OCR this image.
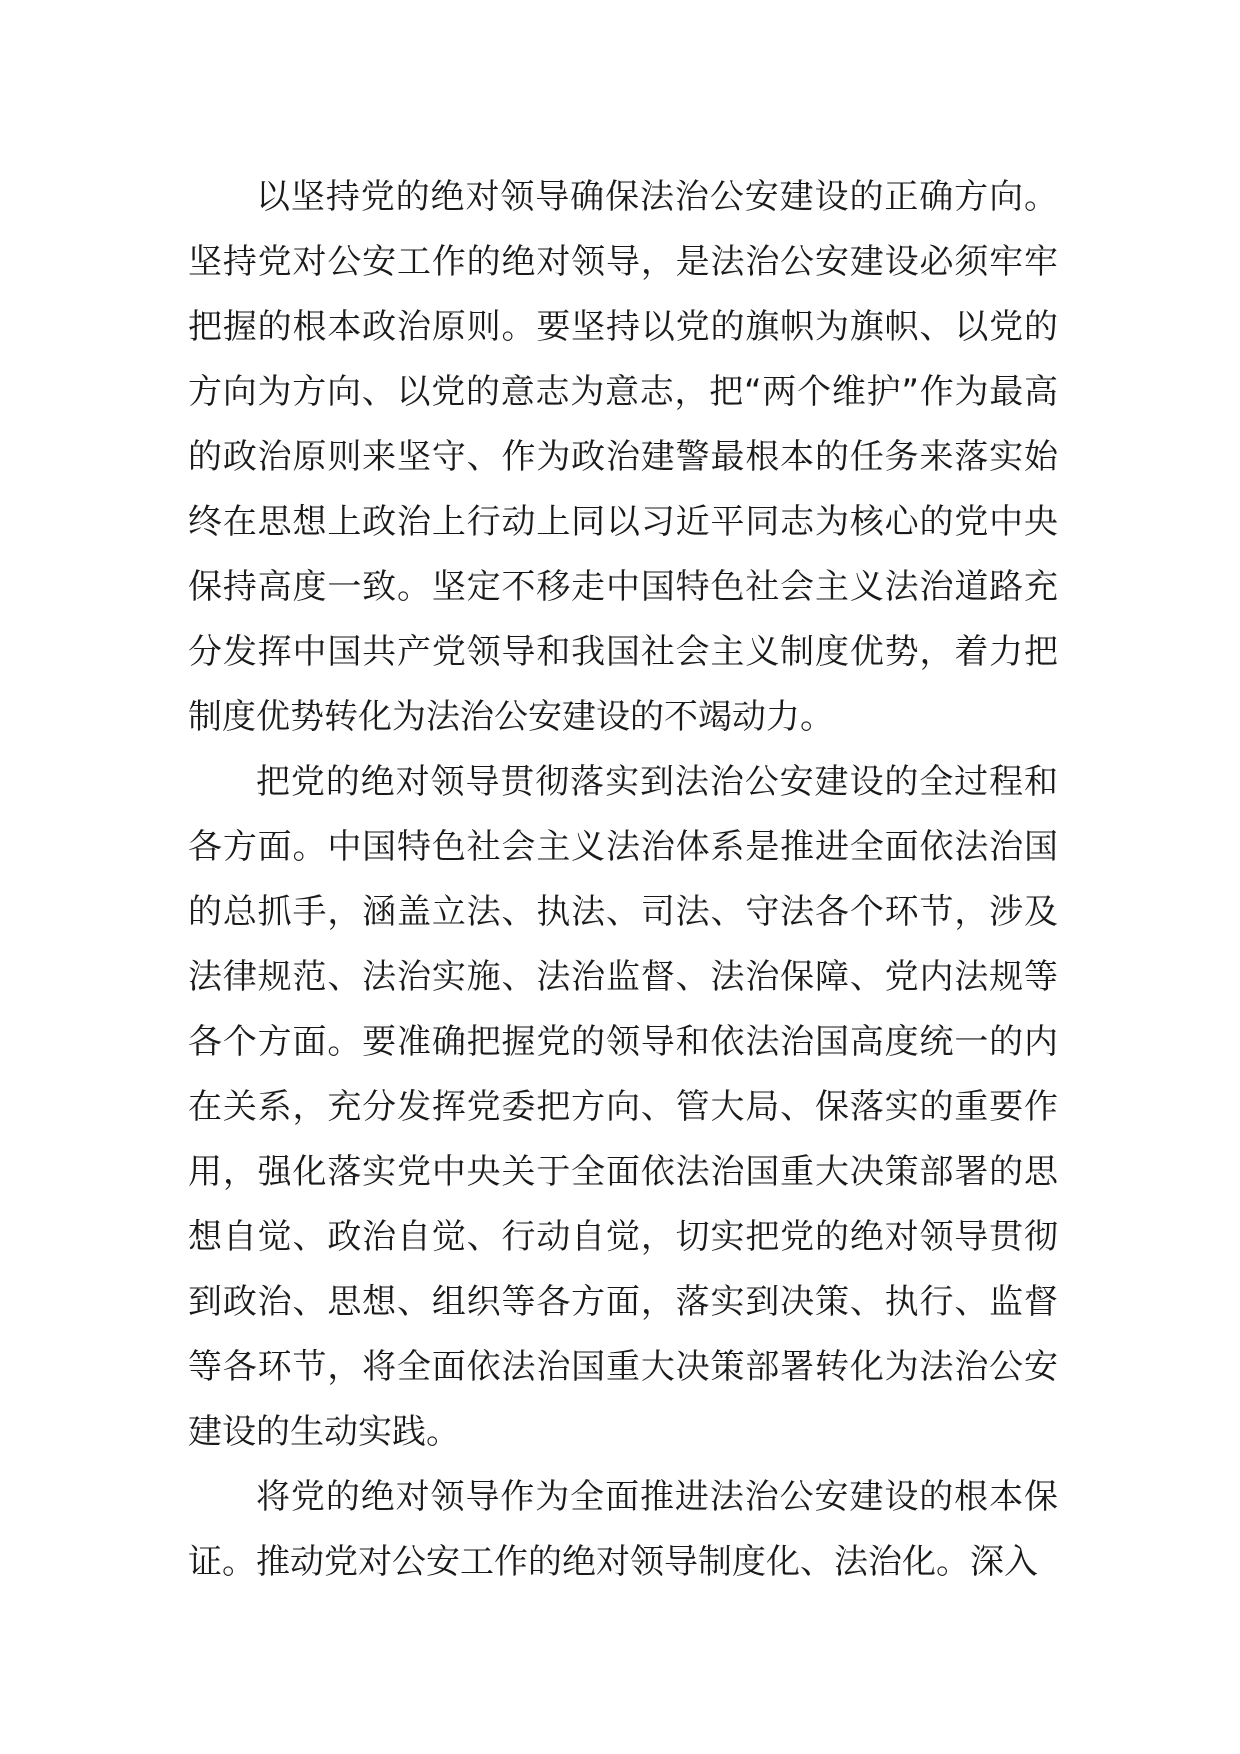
以坚持党的绝对领导确保法治公安建设的正确方向。坚持党对公安工作的绝对领导，是法治公安建设必须牢牢把握的根本政治原则。要坚持以党的旗帜为旗帜、以党的方向为方向、以党的意志为意志，把“两个维护”作为最高的政治原则来坚守、作为政治建警最根本的任务来落实始终在思想上政治上行动上同以习近平同志为核心的党中央保持高度一致。坚定不移走中国特色社会主义法治道路充分发挥中国共产党领导和我国社会主义制度优势，着力把制度优势转化为法治公安建设的不竭动力。

把党的绝对领导贯彻落实到法治公安建设的全过程和各方面。中国特色社会主义法治体系是推进全面依法治国的总抓手，涵盖立法、执法、司法、守法各个环节，涉及法律规范、法治实施、法治监督、法治保障、党内法规等各个方面。要准确把握党的领导和依法治国高度统一的内在关系，充分发挥党委把方向、管大局、保落实的重要作用，强化落实党中央关于全面依法治国重大决策部署的思想自觉、政治自觉、行动自觉，切实把党的绝对领导贯彻到政治、思想、组织等各方面，落实到决策、执行、监督等各环节，将全面依法治国重大决策部署转化为法治公安建设的生动实践。

将党的绝对领导作为全面推进法治公安建设的根本保证。推动党对公安工作的绝对领导制度化、法治化。深入
